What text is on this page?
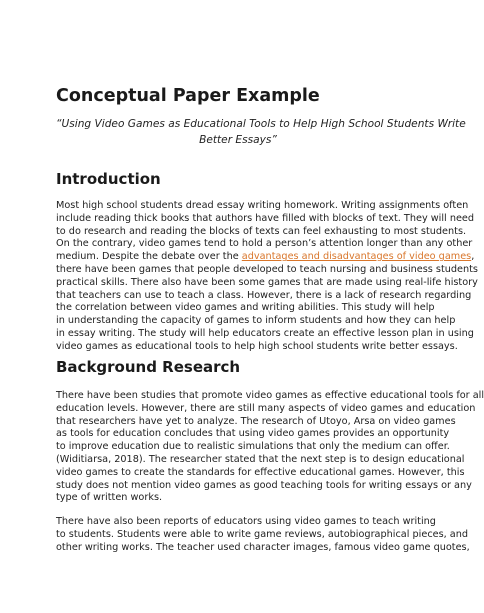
Conceptual Paper Example
“Using Video Games as Educational Tools to Help High School Students Write
Better Essays”
Introduction
Most high school students dread essay writing homework. Writing assignments often
include reading thick books that authors have filled with blocks of text. They will need
to do research and reading the blocks of texts can feel exhausting to most students.
On the contrary, video games tend to hold a person’s attention longer than any other
medium. Despite the debate over the advantages and disadvantages of video games,
there have been games that people developed to teach nursing and business students
practical skills. There also have been some games that are made using real-life history
that teachers can use to teach a class. However, there is a lack of research regarding
the correlation between video games and writing abilities. This study will help
in understanding the capacity of games to inform students and how they can help
in essay writing. The study will help educators create an effective lesson plan in using
video games as educational tools to help high school students write better essays.
Background Research
There have been studies that promote video games as effective educational tools for all
education levels. However, there are still many aspects of video games and education
that researchers have yet to analyze. The research of Utoyo, Arsa on video games
as tools for education concludes that using video games provides an opportunity
to improve education due to realistic simulations that only the medium can offer.
(Widitiarsa, 2018). The researcher stated that the next step is to design educational
video games to create the standards for effective educational games. However, this
study does not mention video games as good teaching tools for writing essays or any
type of written works.
There have also been reports of educators using video games to teach writing
to students. Students were able to write game reviews, autobiographical pieces, and
other writing works. The teacher used character images, famous video game quotes,
